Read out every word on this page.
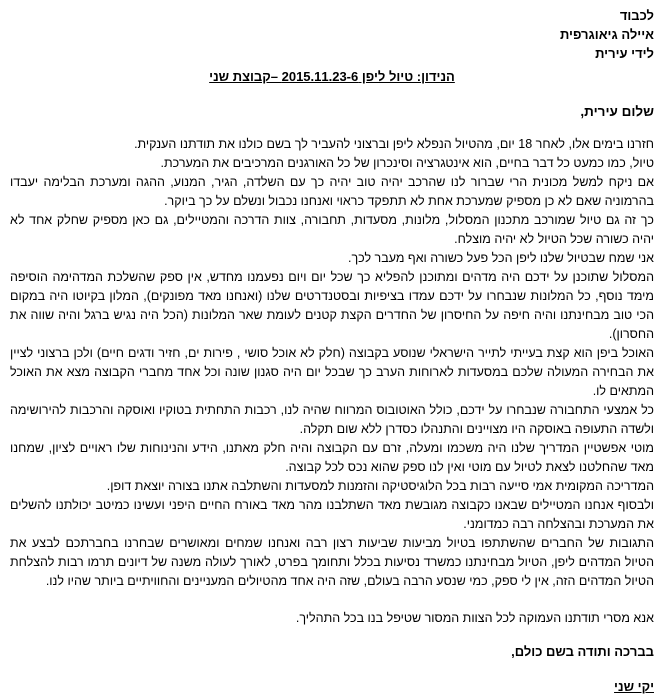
לכבוד
איילה גיאוגרפית
לידי עירית
הנידון: טיול ליפן 2015.11.23-6 –קבוצת שני
שלום עירית,

חזרנו בימים אלו, לאחר 18 יום, מהטיול הנפלא ליפן וברצוני להעביר לך בשם כולנו את תודתנו הענקית.

טיול, כמו כמעט כל דבר בחיים, הוא אינטגרציה וסינכרון של כל האורגנים המרכיבים את המערכת.

אם ניקח למשל מכונית הרי שברור לנו שהרכב יהיה טוב יהיה כך עם השלדה, הגיר, המנוע, ההגה ומערכת הבלימה יעבדו בהרמוניה שאם לא כן מספיק שמערכת אחת לא תתפקד כראוי ואנחנו נכבול ונשלם על כך ביוקר.

כך זה גם טיול שמורכב מתכנון המסלול, מלונות, מסעדות, תחבורה, צוות הדרכה והמטיילים, גם כאן מספיק שחלק אחד לא יהיה כשורה שכל הטיול לא יהיה מוצלח.

אני שמח שבטיול שלנו ליפן הכל פעל כשורה ואף מעבר לכך.

המסלול שתוכנן על ידכם היה מדהים ומתוכנן להפליא כך שכל יום ויום נפעמנו מחדש, אין ספק שהשלכת המדהימה הוסיפה מימד נוסף, כל המלונות שנבחרו על ידכם עמדו בציפיות ובסטנדרטים שלנו (ואנחנו מאד מפונקים), המלון בקיוטו היה במקום הכי טוב מבחינתנו והיה חיפה על החיסרון של החדרים הקצת קטנים לעומת שאר המלונות (הכל היה נגיש ברגל והיה שווה את החסרון).

האוכל ביפן הוא קצת בעייתי לתייר הישראלי שנוסע בקבוצה (חלק לא אוכל סושי , פירות ים, חזיר ודגים חיים) ולכן ברצוני לציין את הבחירה המעולה שלכם במסעדות לארוחות הערב כך שבכל יום היה סגנון שונה וכל אחד מחברי הקבוצה מצא את האוכל המתאים לו.

כל אמצעי התחבורה שנבחרו על ידכם, כולל האוטובוס המרווח שהיה לנו, רכבות התחתית בטוקיו ואוסקה והרכבות להירושימה ולשדה התעופה באוסקה היו מצויינים והתנהלו כסדרן ללא שום תקלה.

מוטי אפשטיין המדריך שלנו היה משכמו ומעלה, זרם עם הקבוצה והיה חלק מאתנו, הידע והנינוחות שלו ראויים לציון, שמחנו מאד שהחלטנו לצאת לטיול עם מוטי ואין לנו ספק שהוא נכס לכל קבוצה.

המדריכה המקומית אמי סייעה רבות בכל הלוגיסטיקה והזמנות למסעדות והשתלבה אתנו בצורה יוצאת דופן.

ולבסוף אנחנו המטיילים שבאנו כקבוצה מגובשת מאד השתלבנו מהר מאד באורח החיים היפני ועשינו כמיטב יכולתנו להשלים את המערכת ובהצלחה רבה כמדומני.

התגובות של החברים שהשתתפו בטיול מביעות שביעות רצון רבה ואנחנו שמחים ומאושרים שבחרנו בחברתכם לבצע את הטיול המדהים ליפן, הטיול מבחינתנו כמשרד נסיעות בכלל ותחומך בפרט, לאורך לעולה משנה של דיונים תרמו רבות להצלחת הטיול המדהים הזה, אין לי ספק, כמי שנסע הרבה בעולם, שזה היה אחד מהטיולים המעניינים והחוויתיים ביותר שהיו לנו.

אנא מסרי תודתנו העמוקה לכל הצוות המסור שטיפל בנו בכל התהליך.
בברכה ותודה בשם כולם,
יקי שני
